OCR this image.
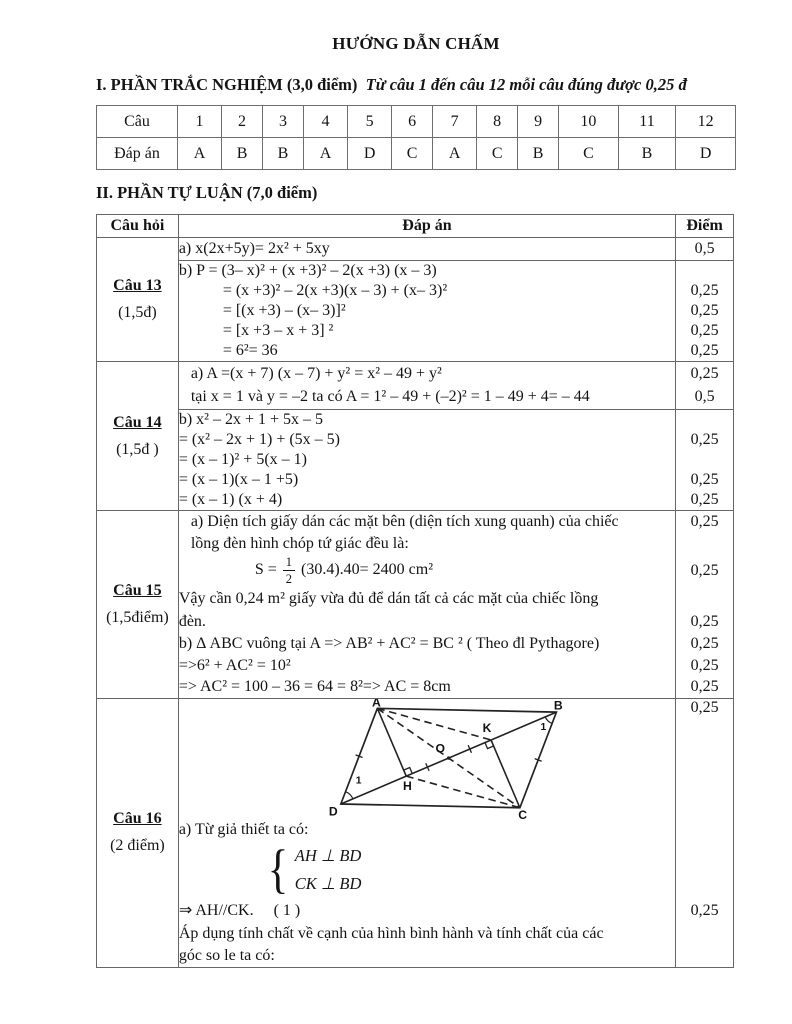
HƯỚNG DẪN CHẤM
I. PHẦN TRẮC NGHIỆM (3,0 điểm) Từ câu 1 đến câu 12 mỗi câu đúng được 0,25 đ
Câu	1	2	3	4	5	6	7	8	9	10	11	12
Đáp án	A	B	B	A	D	C	A	C	B	C	B	D
II. PHẦN TỰ LUẬN (7,0 điểm)
Câu hỏi	Đáp án	Điểm

Câu 13
(1,5đ)	a) x(2x+5y)= 2x² + 5xy	0,5
	b) P = (3– x)² + (x +3)² – 2(x +3) (x – 3)	
	= (x +3)² – 2(x +3)(x – 3) + (x– 3)²	0,25
	= [(x +3) – (x– 3)]²	0,25
	= [x +3 – x + 3] ²	0,25
	= 6²= 36	0,25

Câu 14
(1,5đ )	a) A =(x + 7) (x – 7) + y² = x² – 49 + y²	0,25
	tại x = 1 và y = –2 ta có A = 1² – 49 + (–2)² = 1 – 49 + 4= – 44	0,5
	b) x² – 2x + 1 + 5x – 5	
	= (x² – 2x + 1) + (5x – 5)	0,25
	= (x – 1)² + 5(x – 1)	
	= (x – 1)(x – 1 +5)	0,25
	= (x – 1) (x + 4)	0,25

Câu 15
(1,5điểm)	a) Diện tích giấy dán các mặt bên (diện tích xung quanh) của chiếc	0,25
	lồng đèn hình chóp tứ giác đều là:	
	$S = \frac{1}{2} (30.4).40= 2400$ cm²	0,25
	Vậy cần 0,24 m² giấy vừa đủ để dán tất cả các mặt của chiếc lồng	
	đèn.	0,25
	b) Δ ABC vuông tại A => AB² + AC² = BC ² ( Theo đl Pythagore)	0,25
	=>6² + AC² = 10²	0,25
	=> AC² = 100 – 36 = 64 = 8²=> AC = 8cm	0,25

Câu 16
(2 điểm)

A	B
C
D
H
K
O
1
1
	0,25
	a) Từ giả thiết ta có:	

	{ AH ⊥ BD
CK ⊥ BD	

	⇒ AH//CK.     ( 1 )	0,25
	Áp dụng tính chất về cạnh của hình bình hành và tính chất của các	
	góc so le ta có:	
